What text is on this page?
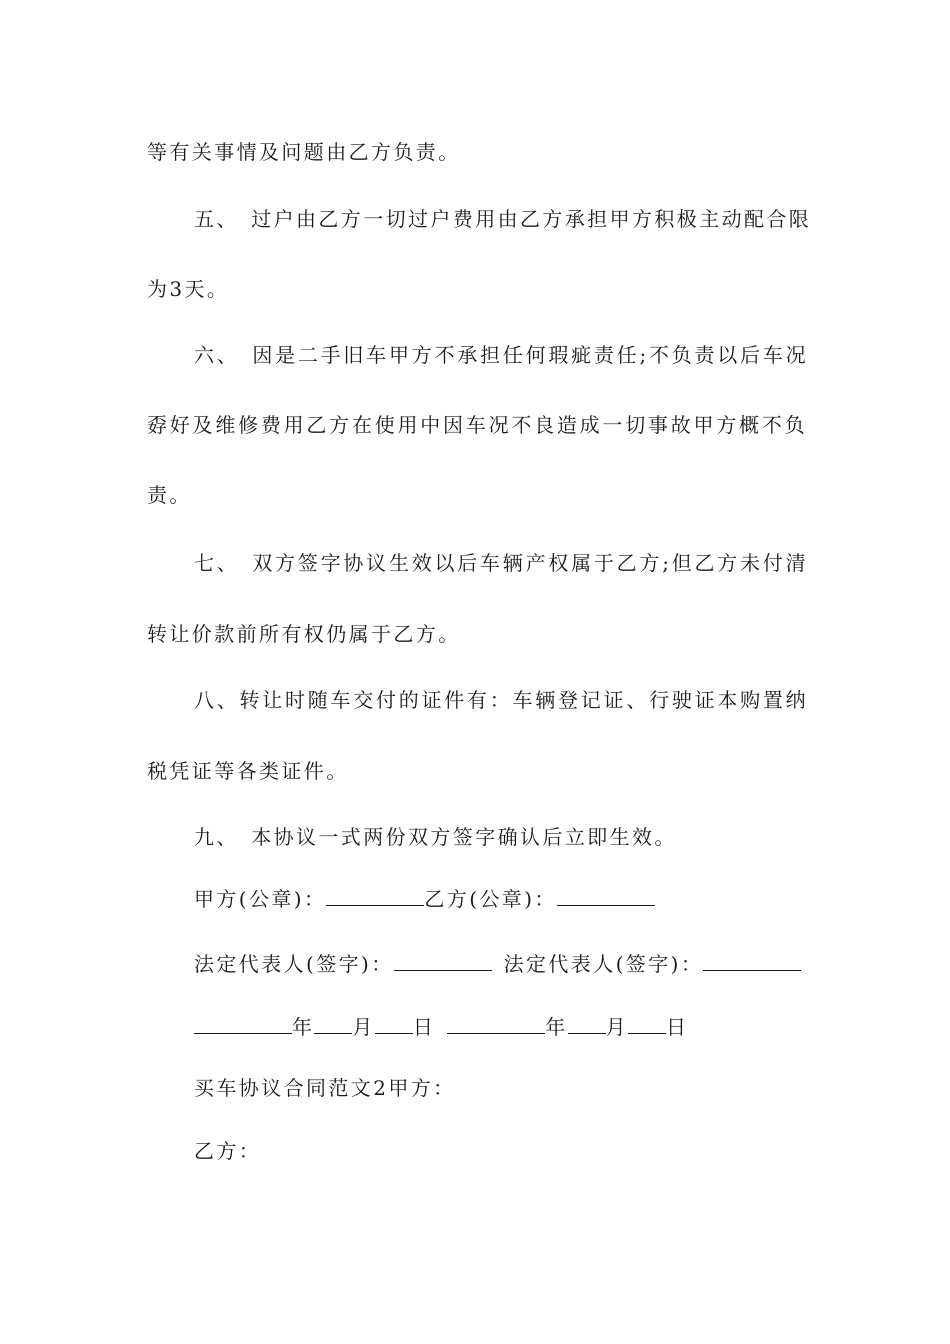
等有关事情及问题由乙方负责。
五、　过户由乙方一切过户费用由乙方承担甲方积极主动配合限
为3天。
六、　因是二手旧车甲方不承担任何瑕疵责任;不负责以后车况
孬好及维修费用乙方在使用中因车况不良造成一切事故甲方概不负
责。
七、　双方签字协议生效以后车辆产权属于乙方;但乙方未付清
转让价款前所有权仍属于乙方。
八、转让时随车交付的证件有：车辆登记证、行驶证本购置纳
税凭证等各类证件。
九、　本协议一式两份双方签字确认后立即生效。
甲方(公章)：	乙方(公章)：
法定代表人(签字)：	法定代表人(签字)：
年 月 日	年 月 日
买车协议合同范文2甲方：
乙方：
